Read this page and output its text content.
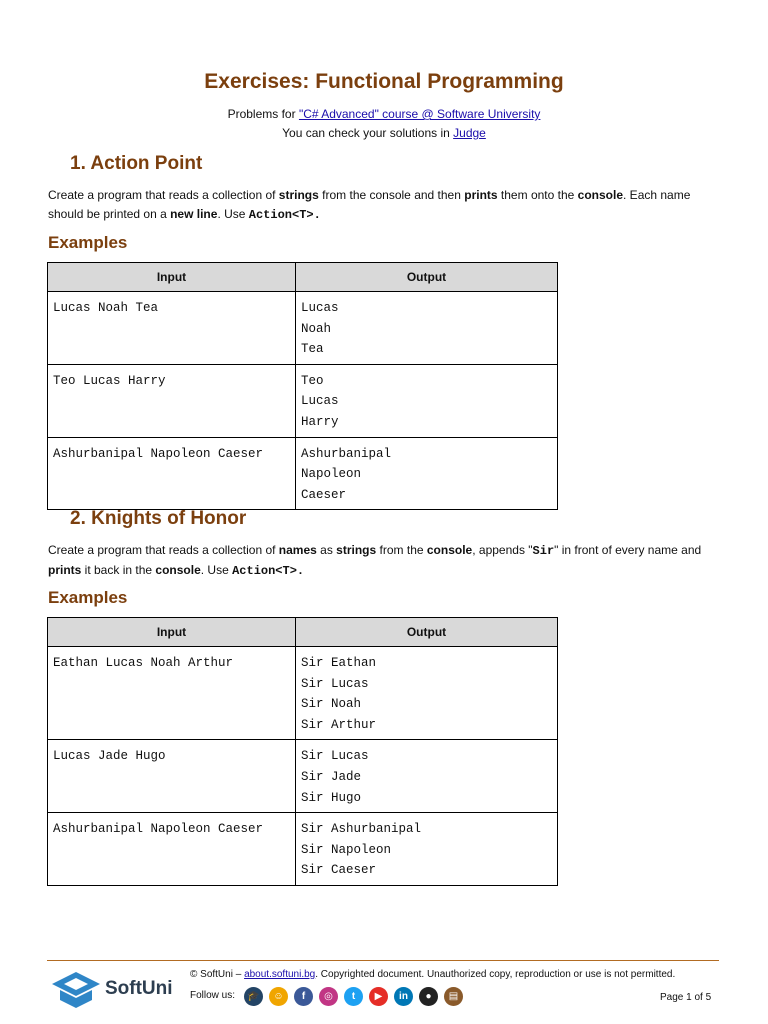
Exercises: Functional Programming
Problems for "C# Advanced" course @ Software University
You can check your solutions in Judge
1. Action Point
Create a program that reads a collection of strings from the console and then prints them onto the console. Each name should be printed on a new line. Use Action<T>.
Examples
Input	Output
Lucas Noah Tea	Lucas
Noah
Tea

Teo Lucas Harry	Teo
Lucas
Harry

Ashurbanipal Napoleon Caeser	Ashurbanipal
Napoleon
Caeser
2. Knights of Honor
Create a program that reads a collection of names as strings from the console, appends "Sir" in front of every name and prints it back in the console. Use Action<T>.
Examples
Input	Output
Eathan Lucas Noah Arthur	Sir Eathan
Sir Lucas
Sir Noah
Sir Arthur

Lucas Jade Hugo	Sir Lucas
Sir Jade
Sir Hugo

Ashurbanipal Napoleon Caeser	Sir Ashurbanipal
Sir Napoleon
Sir Caeser
SoftUni
© SoftUni – about.softuni.bg. Copyrighted document. Unauthorized copy, reproduction or use is not permitted.
Follow us:	🎓	☺	f	◎	t	▶	in	●	▤	Page 1 of 5
